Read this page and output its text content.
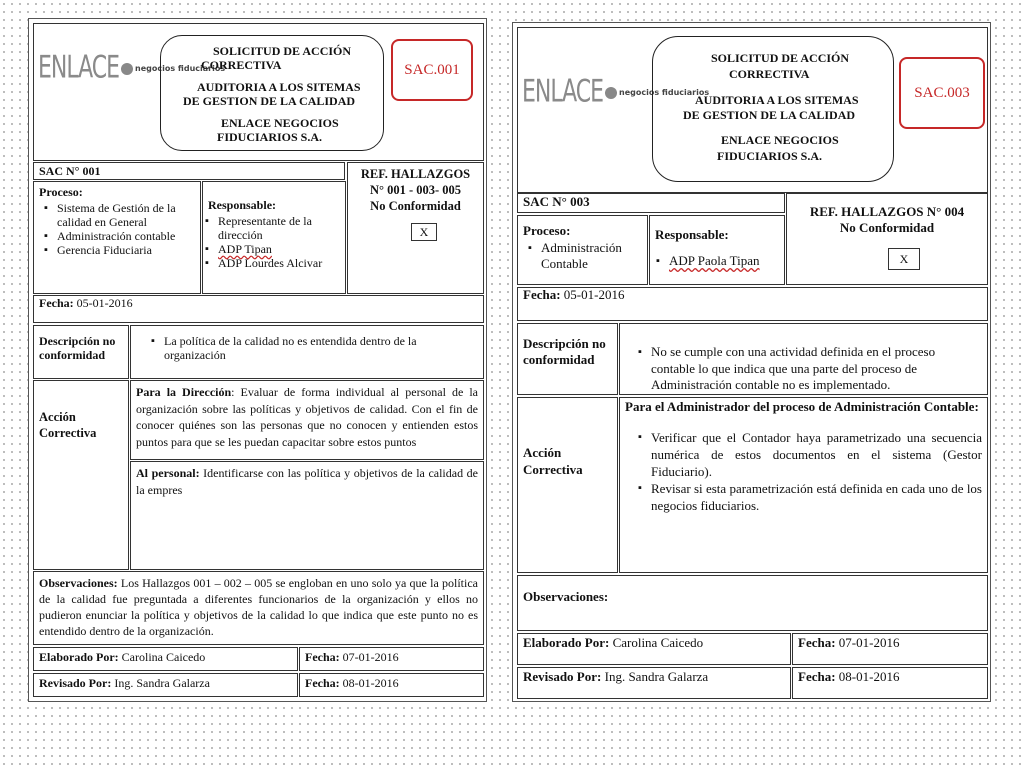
ENLACE negocios fiduciarios
SOLICITUD DE ACCIÓN
CORRECTIVA
AUDITORIA A LOS SITEMAS
DE GESTION DE LA CALIDAD
ENLACE NEGOCIOS
FIDUCIARIOS S.A.
SAC.001
SAC N° 001	REF. HALLAZGOS
N° 001 - 003- 005
No Conformidad
X
Proceso:
▪ Sistema de Gestión de la calidad en General
▪ Administración contable
▪ Gerencia Fiduciaria
Responsable:
▪ Representante de la dirección
▪ ADP Tipan
▪ ADP Lourdes Alcivar
Fecha: 05-01-2016
Descripción no conformidad
▪ La política de la calidad no es entendida dentro de la organización
Acción Correctiva
Para la Dirección: Evaluar de forma individual al personal de la organización sobre las políticas y objetivos de calidad. Con el fin de conocer quiénes son las personas que no conocen y entienden estos puntos para que se les puedan capacitar sobre estos puntos
Al personal: Identificarse con las política y objetivos de la calidad de la empres
Observaciones: Los Hallazgos 001 – 002 – 005 se engloban en uno solo ya que la política de la calidad fue preguntada a diferentes funcionarios de la organización y ellos no pudieron enunciar la política y objetivos de la calidad lo que indica que este punto no es entendido dentro de la organización.
Elaborado Por: Carolina Caicedo	Fecha: 07-01-2016
Revisado Por: Ing. Sandra Galarza	Fecha: 08-01-2016
ENLACE negocios fiduciarios
SOLICITUD DE ACCIÓN
CORRECTIVA
AUDITORIA A LOS SITEMAS
DE GESTION DE LA CALIDAD
ENLACE NEGOCIOS
FIDUCIARIOS S.A.
SAC.003
SAC N° 003
REF. HALLAZGOS N° 004
No Conformidad
X
Proceso:
▪ Administración Contable
Responsable:
▪ ADP Paola Tipan
Fecha: 05-01-2016
Descripción no conformidad
▪ No se cumple con una actividad definida en el proceso contable lo que indica que una parte del proceso de Administración contable no es implementado.
Acción Correctiva
Para el Administrador del proceso de Administración Contable:
▪ Verificar que el Contador haya parametrizado una secuencia numérica de estos documentos en el sistema (Gestor Fiduciario).
▪ Revisar si esta parametrización está definida en cada uno de los negocios fiduciarios.
Observaciones:
Elaborado Por: Carolina Caicedo	Fecha: 07-01-2016
Revisado Por: Ing. Sandra Galarza	Fecha: 08-01-2016
